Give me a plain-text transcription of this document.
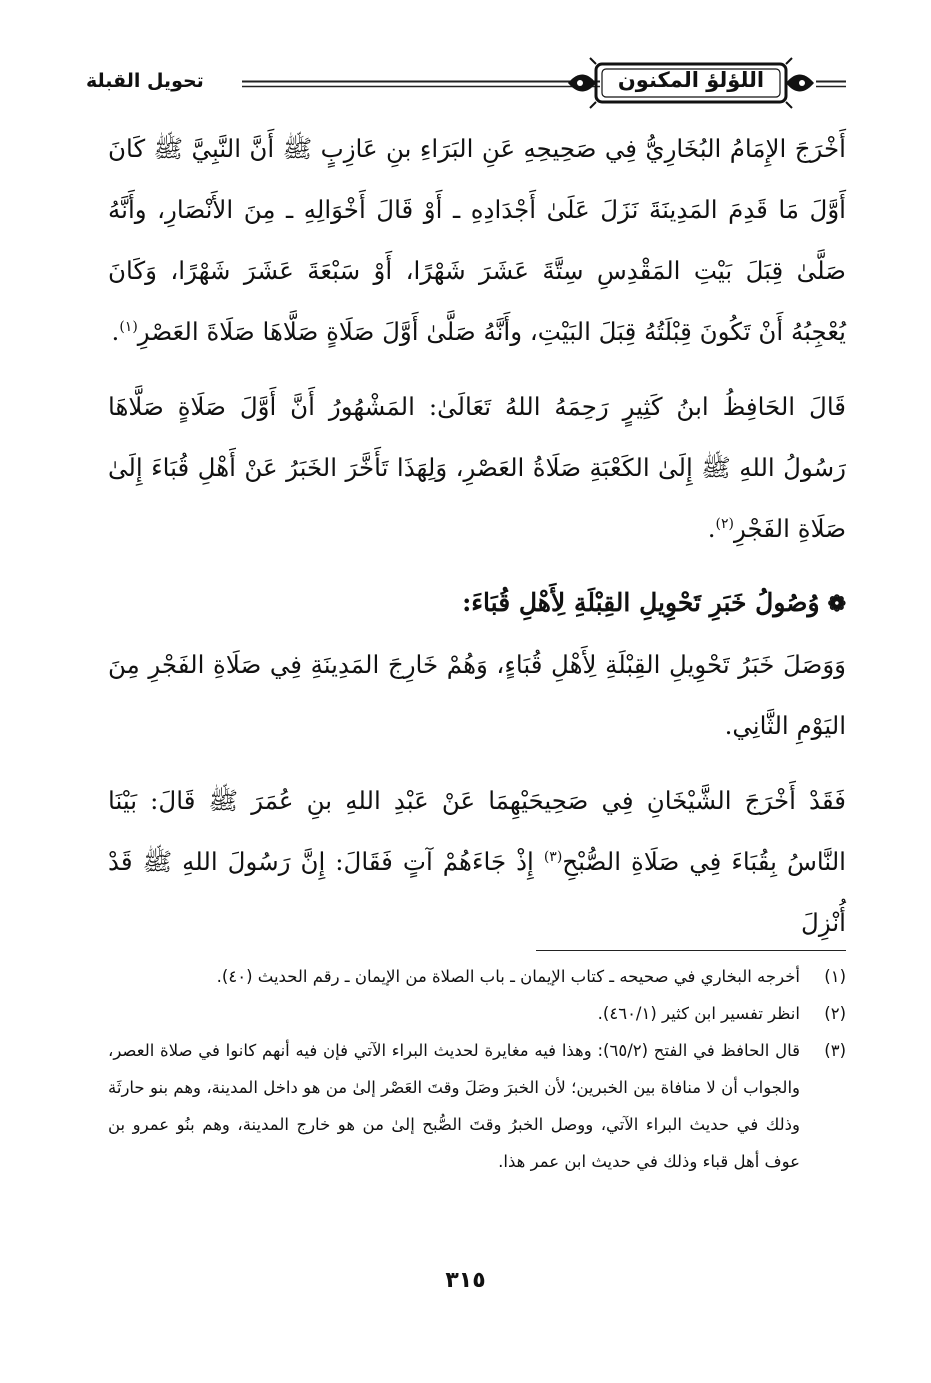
تحويل القبلة	اللؤلؤ المكنون

أَخْرَجَ الإِمَامُ البُخَارِيُّ فِي صَحِيحِهِ عَنِ البَرَاءِ بنِ عَازِبٍ ﷺ أَنَّ النَّبِيَّ ﷺ كَانَ أَوَّلَ مَا قَدِمَ المَدِينَةَ نَزَلَ عَلَىٰ أَجْدَادِهِ ـ أَوْ قَالَ أَخْوَالِهِ ـ مِنَ الأَنْصَارِ، وأَنَّهُ صَلَّىٰ قِبَلَ بَيْتِ المَقْدِسِ سِتَّةَ عَشَرَ شَهْرًا، أَوْ سَبْعَةَ عَشَرَ شَهْرًا، وَكَانَ يُعْجِبُهُ أَنْ تَكُونَ قِبْلَتُهُ قِبَلَ البَيْتِ، وأَنَّهُ صَلَّىٰ أَوَّلَ صَلَاةٍ صَلَّاهَا صَلَاةَ العَصْرِ$^{(١)}$.

قَالَ الحَافِظُ ابنُ كَثِيرٍ رَحِمَهُ اللهُ تَعَالَىٰ: المَشْهُورُ أَنَّ أَوَّلَ صَلَاةٍ صَلَّاهَا رَسُولُ اللهِ ﷺ إِلَىٰ الكَعْبَةِ صَلَاةُ العَصْرِ، وَلِهَذَا تَأَخَّرَ الخَبَرُ عَنْ أَهْلِ قُبَاءَ إِلَىٰ صَلَاةِ الفَجْرِ$^{(٢)}$.

❁وُصُولُ خَبَرِ تَحْوِيلِ القِبْلَةِ لِأَهْلِ قُبَاءَ:

وَوَصَلَ خَبَرُ تَحْوِيلِ القِبْلَةِ لِأَهْلِ قُبَاءٍ، وَهُمْ خَارِجَ المَدِينَةِ فِي صَلَاةِ الفَجْرِ مِنَ اليَوْمِ الثَّانِي.

فَقَدْ أَخْرَجَ الشَّيْخَانِ فِي صَحِيحَيْهِمَا عَنْ عَبْدِ اللهِ بنِ عُمَرَ ﷺ قَالَ: بَيْنَا النَّاسُ بِقُبَاءَ فِي صَلَاةِ الصُّبْحِ$^{(٣)}$ إِذْ جَاءَهُمْ آتٍ فَقَالَ: إِنَّ رَسُولَ اللهِ ﷺ قَدْ أُنْزِلَ

(١)
أخرجه البخاري في صحيحه ـ كتاب الإيمان ـ باب الصلاة من الإيمان ـ رقم الحديث (٤٠).

(٢)
انظر تفسير ابن كثير (٤٦٠/١).

(٣)
قال الحافظ في الفتح (٦٥/٢): وهذا فيه مغايرة لحديث البراء الآتي فإن فيه أنهم كانوا في صلاة العصر، والجواب أن لا منافاة بين الخبرين؛ لأن الخبرَ وصَلَ وقتَ العَصْر إلىٰ من هو داخل المدينة، وهم بنو حارثَة وذلك في حديث البراء الآتي، ووصل الخبرُ وقتَ الصُّبح إلىٰ من هو خارج المدينة، وهم بنُو عمرو بن عوف أهل قباء وذلك في حديث ابن عمر هذا.

٣١٥
